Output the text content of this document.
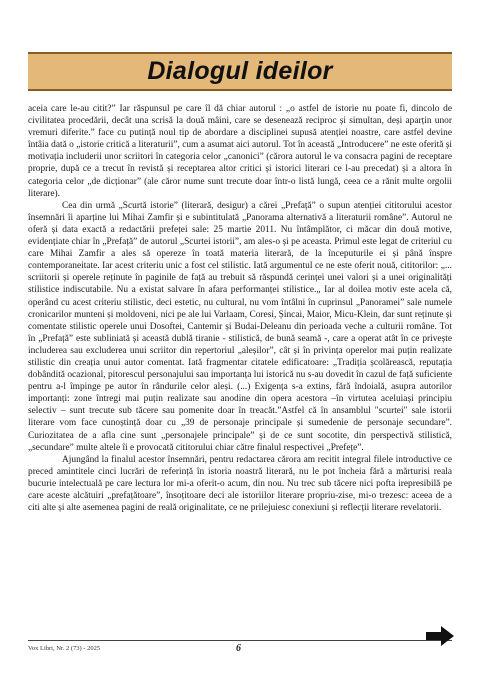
Dialogul ideilor

aceia care le-au citit?” Iar răspunsul pe care îl dă chiar autorul : „o astfel de istorie nu poate fi, dincolo de civilitatea procedării, decât una scrisă la două mâini, care se desenează reciproc și simultan, deși aparțin unor vremuri diferite.” face cu putință noul tip de abordare a disciplinei supusă atenției noastre, care astfel devine întâia dată o „istorie critică a literaturii”, cum a asumat aici autorul. Tot în această „Introducere” ne este oferită și motivația includerii unor scriitori în categoria celor „canonici” (cărora autorul le va consacra pagini de receptare proprie, după ce a trecut în revistă și receptarea altor critici și istorici literari ce l-au precedat) și a altora în categoria celor „de dicționar” (ale căror nume sunt trecute doar într-o listă lungă, ceea ce a rănit multe orgolii literare).

Cea din urmă „Scurtă istorie” (literară, desigur) a cărei „Prefață” o supun atenției cititorului acestor însemnări îi aparține lui Mihai Zamfir și e subintitulată „Panorama alternativă a literaturii române”. Autorul ne oferă și data exactă a redactării prefeței sale: 25 martie 2011. Nu întâmplător, ci măcar din două motive, evidențiate chiar în „Prefață” de autorul „Scurtei istorii”, am ales-o și pe aceasta. Primul este legat de criteriul cu care Mihai Zamfir a ales să opereze în toată materia literară, de la începuturile ei și până înspre contemporaneitate. Iar acest criteriu unic a fost cel stilistic. Iată argumentul ce ne este oferit nouă, cititorilor: „... scriitorii și operele reținute în paginile de față au trebuit să răspundă cerinței unei valori și a unei originalități stilistice indiscutabile. Nu a existat salvare în afara performanței stilistice.„ Iar al doilea motiv este acela că, operând cu acest criteriu stilistic, deci estetic, nu cultural, nu vom întâlni în cuprinsul „Panoramei” sale numele cronicarilor munteni și moldoveni, nici pe ale lui Varlaam, Coresi, Șincai, Maior, Micu-Klein, dar sunt reținute și comentate stilistic operele unui Dosoftei, Cantemir și Budai-Deleanu din perioada veche a culturii române. Tot în „Prefață” este subliniată și această dublă tiranie - stilistică, de bună seamă -, care a operat atât în ce privește includerea sau excluderea unui scriitor din repertoriul „aleșilor”, cât și în privința operelor mai puțin realizate stilistic din creația unui autor comentat. Iată fragmentar citatele edificatoare: „Tradiția școlărească, reputația dobândită ocazional, pitorescul personajului sau importanța lui istorică nu s-au dovedit în cazul de față suficiente pentru a-l împinge pe autor în rândurile celor aleși. (...) Exigența s-a extins, fără îndoială, asupra autorilor importanți: zone întregi mai puțin realizate sau anodine din opera acestora –în virtutea aceluiași principiu selectiv – sunt trecute sub tăcere sau pomenite doar în treacăt.”Astfel că în ansamblul "scurtei" sale istorii literare vom face cunoștință doar cu „39 de personaje principale și sumedenie de personaje secundare”. Curiozitatea de a afla cine sunt „personajele principale” și de ce sunt socotite, din perspectivă stilistică, „secundare” multe altele îi e provocată cititorului chiar către finalul respectivei „Prefețe”.

Ajungând la finalul acestor însemnări, pentru redactarea cărora am recitit integral filele introductive ce preced amintitele cinci lucrări de referință în istoria noastră literară, nu le pot încheia fără a mărturisi reala bucurie intelectuală pe care lectura lor mi-a oferit-o acum, din nou. Nu trec sub tăcere nici pofta irepresibilă pe care aceste alcătuiri „prefațătoare”, însoțitoare deci ale istoriilor literare propriu-zise, mi-o trezesc: aceea de a citi alte și alte asemenea pagini de reală originalitate, ce ne prilejuiesc conexiuni și reflecții literare revelatorii.

Vox Libri, Nr. 2 (73) - 2025	6
